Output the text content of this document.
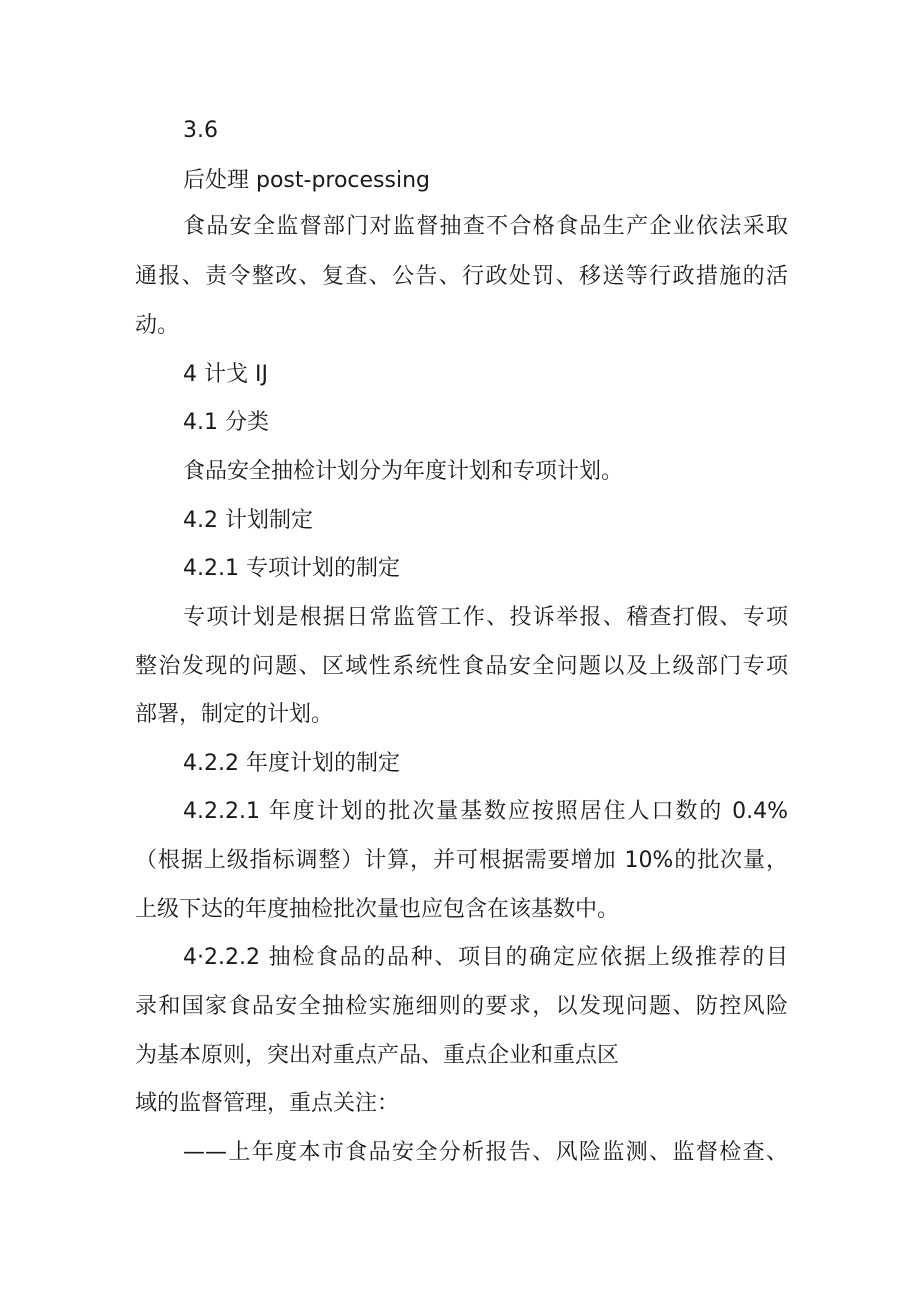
3.6

后处理 post-processing

食品安全监督部门对监督抽查不合格食品生产企业依法采取

通报、责令整改、复查、公告、行政处罚、移送等行政措施的活

动。

4 计戈 IJ

4.1 分类

食品安全抽检计划分为年度计划和专项计划。

4.2 计划制定

4.2.1 专项计划的制定

专项计划是根据日常监管工作、投诉举报、稽查打假、专项

整治发现的问题、区域性系统性食品安全问题以及上级部门专项

部署，制定的计划。

4.2.2 年度计划的制定

4.2.2.1 年度计划的批次量基数应按照居住人口数的 0.4%

（根据上级指标调整）计算，并可根据需要增加 10%的批次量，

上级下达的年度抽检批次量也应包含在该基数中。

4·2.2.2 抽检食品的品种、项目的确定应依据上级推荐的目

录和国家食品安全抽检实施细则的要求，以发现问题、防控风险

为基本原则，突出对重点产品、重点企业和重点区

域的监督管理，重点关注：

——上年度本市食品安全分析报告、风险监测、监督检查、
